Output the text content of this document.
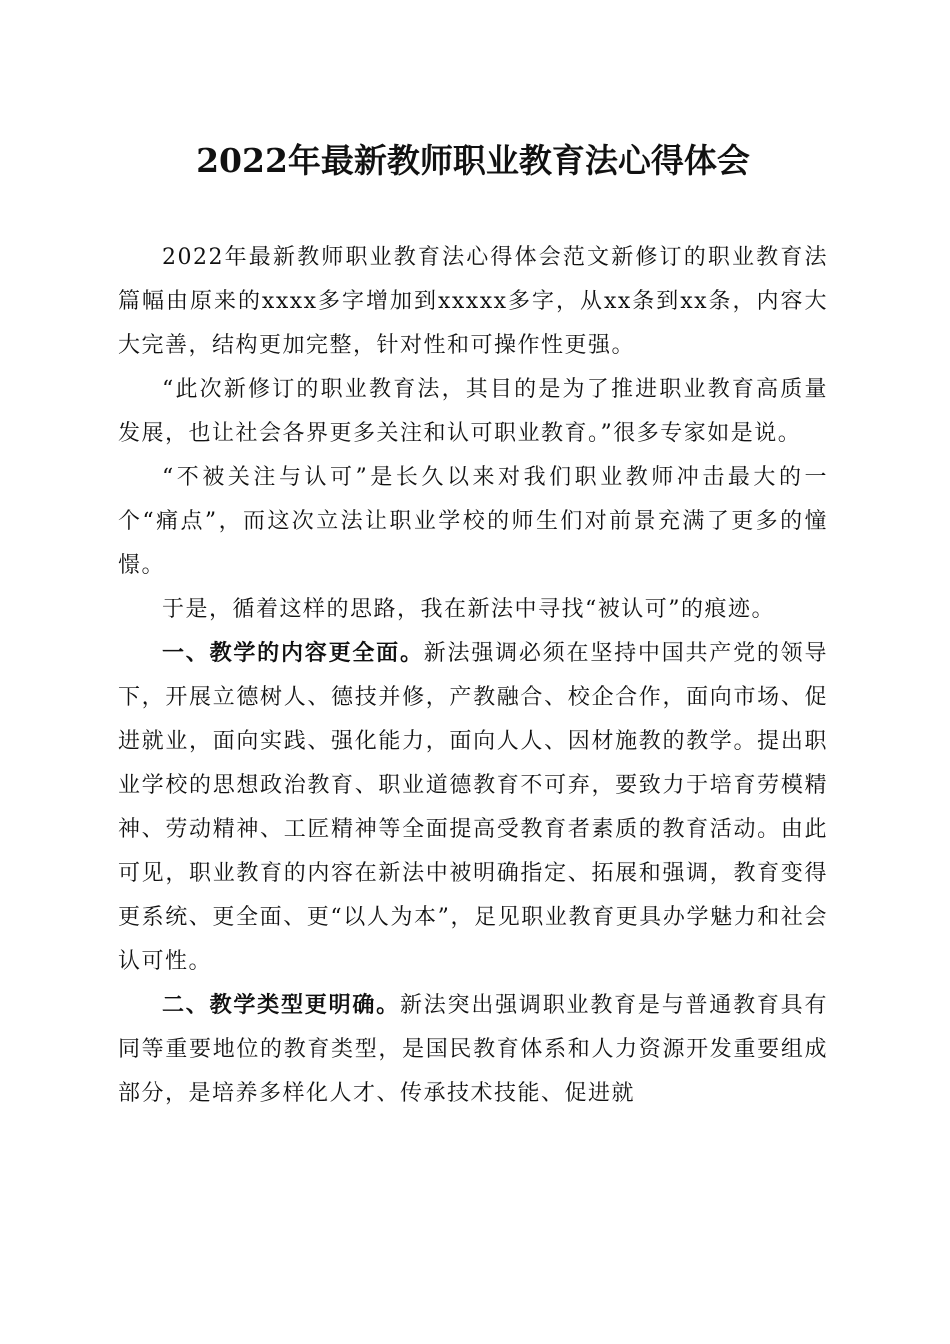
2022年最新教师职业教育法心得体会

2022年最新教师职业教育法心得体会范文新修订的职业教育法篇幅由原来的xxxx多字增加到xxxxx多字，从xx条到xx条，内容大大完善，结构更加完整，针对性和可操作性更强。

“此次新修订的职业教育法，其目的是为了推进职业教育高质量发展，也让社会各界更多关注和认可职业教育。”很多专家如是说。

“不被关注与认可”是长久以来对我们职业教师冲击最大的一个“痛点”，而这次立法让职业学校的师生们对前景充满了更多的憧憬。

于是，循着这样的思路，我在新法中寻找“被认可”的痕迹。

一、教学的内容更全面。新法强调必须在坚持中国共产党的领导下，开展立德树人、德技并修，产教融合、校企合作，面向市场、促进就业，面向实践、强化能力，面向人人、因材施教的教学。提出职业学校的思想政治教育、职业道德教育不可弃，要致力于培育劳模精神、劳动精神、工匠精神等全面提高受教育者素质的教育活动。由此可见，职业教育的内容在新法中被明确指定、拓展和强调，教育变得更系统、更全面、更“以人为本”，足见职业教育更具办学魅力和社会认可性。

二、教学类型更明确。新法突出强调职业教育是与普通教育具有同等重要地位的教育类型，是国民教育体系和人力资源开发重要组成部分，是培养多样化人才、传承技术技能、促进就
